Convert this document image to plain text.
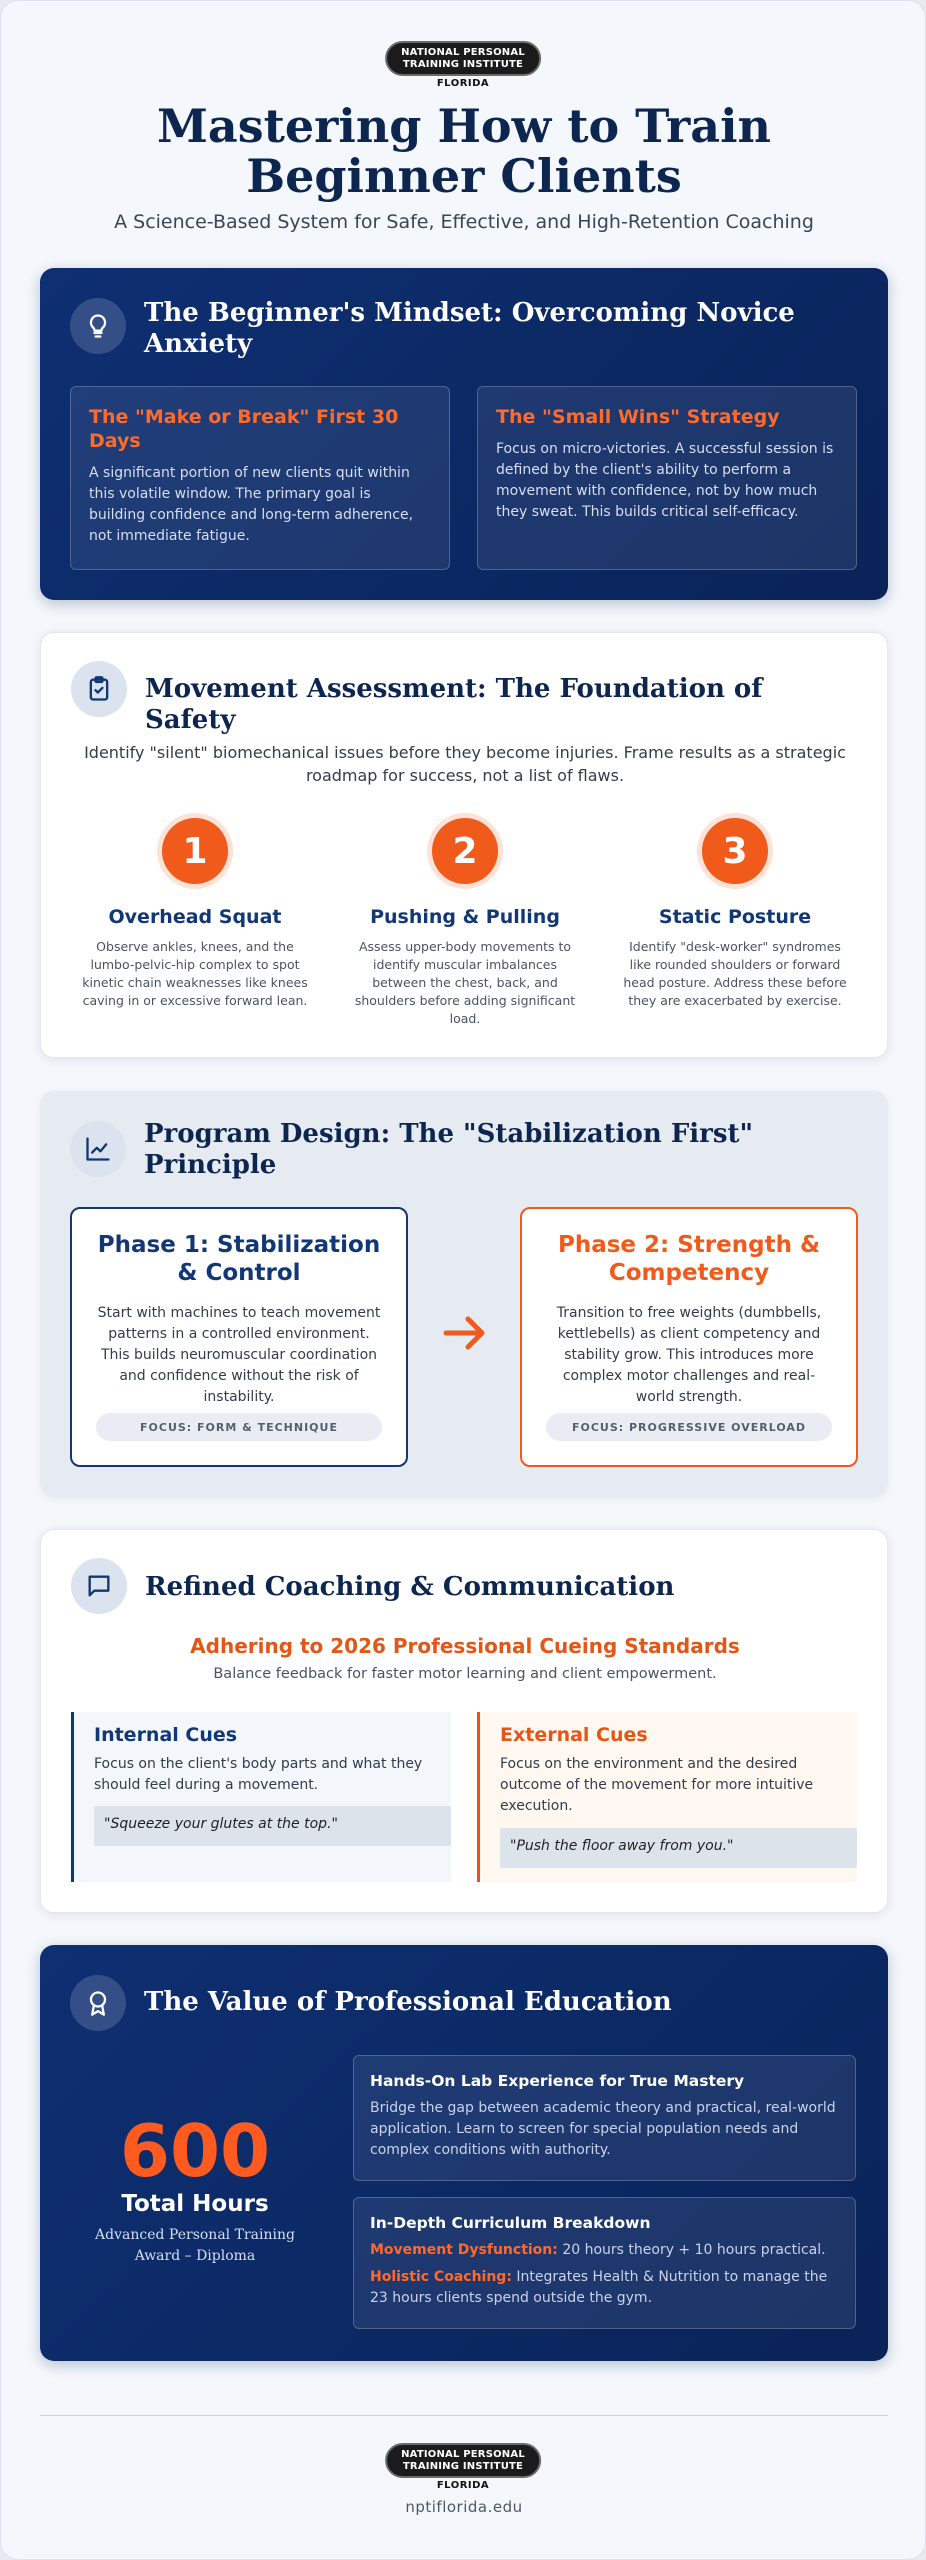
NATIONAL PERSONAL
TRAINING INSTITUTE
FLORIDA
Mastering How to Train Beginner Clients
A Science-Based System for Safe, Effective, and High-Retention Coaching
The Beginner's Mindset: Overcoming Novice Anxiety
The "Make or Break" First 30 Days

A significant portion of new clients quit within this volatile window. The primary goal is building confidence and long-term adherence, not immediate fatigue.

The "Small Wins" Strategy

Focus on micro-victories. A successful session is defined by the client's ability to perform a movement with confidence, not by how much they sweat. This builds critical self-efficacy.

Movement Assessment: The Foundation of Safety

Identify "silent" biomechanical issues before they become injuries. Frame results as a strategic roadmap for success, not a list of flaws.

1
Overhead Squat

Observe ankles, knees, and the lumbo-pelvic-hip complex to spot kinetic chain weaknesses like knees caving in or excessive forward lean.

2
Pushing & Pulling

Assess upper-body movements to identify muscular imbalances between the chest, back, and shoulders before adding significant load.

3
Static Posture

Identify "desk-worker" syndromes like rounded shoulders or forward head posture. Address these before they are exacerbated by exercise.

Program Design: The "Stabilization First" Principle
Phase 1: Stabilization & Control

Start with machines to teach movement patterns in a controlled environment. This builds neuromuscular coordination and confidence without the risk of instability.

FOCUS: FORM & TECHNIQUE
Phase 2: Strength & Competency

Transition to free weights (dumbbells, kettlebells) as client competency and stability grow. This introduces more complex motor challenges and real-world strength.

FOCUS: PROGRESSIVE OVERLOAD
Refined Coaching & Communication
Adhering to 2026 Professional Cueing Standards
Balance feedback for faster motor learning and client empowerment.
Internal Cues

Focus on the client's body parts and what they should feel during a movement.

"Squeeze your glutes at the top."
External Cues

Focus on the environment and the desired outcome of the movement for more intuitive execution.

"Push the floor away from you."
The Value of Professional Education
600
Total Hours
Advanced Personal Training Award – Diploma
Hands-On Lab Experience for True Mastery

Bridge the gap between academic theory and practical, real-world application. Learn to screen for special population needs and complex conditions with authority.

In-Depth Curriculum Breakdown

Movement Dysfunction: 20 hours theory + 10 hours practical.

Holistic Coaching: Integrates Health & Nutrition to manage the 23 hours clients spend outside the gym.

NATIONAL PERSONAL
TRAINING INSTITUTE
FLORIDA
nptiflorida.edu
